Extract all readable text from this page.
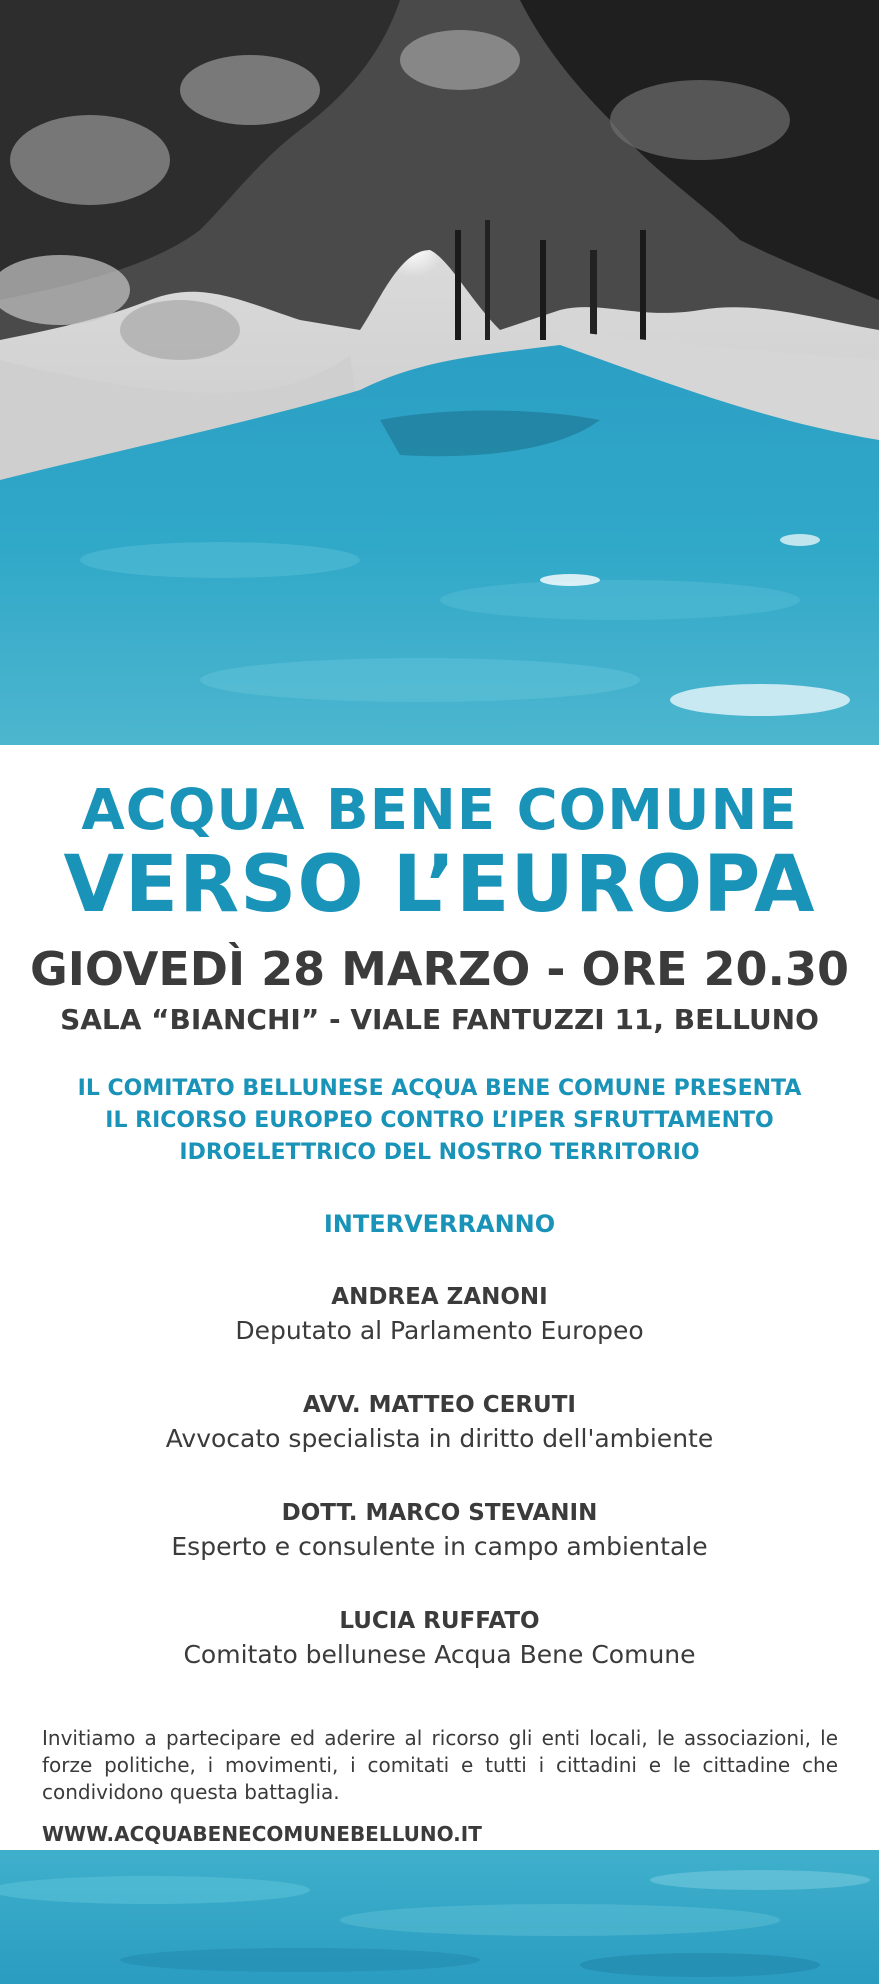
ACQUA BENE COMUNE

VERSO L’EUROPA

GIOVEDÌ 28 MARZO - ORE 20.30

SALA “BIANCHI” - VIALE FANTUZZI 11, BELLUNO

IL COMITATO BELLUNESE ACQUA BENE COMUNE PRESENTA

IL RICORSO EUROPEO CONTRO L’IPER SFRUTTAMENTO

IDROELETTRICO DEL NOSTRO TERRITORIO

INTERVERRANNO

ANDREA ZANONI

Deputato al Parlamento Europeo

AVV. MATTEO CERUTI

Avvocato specialista in diritto dell'ambiente

DOTT. MARCO STEVANIN

Esperto e consulente in campo ambientale

LUCIA RUFFATO

Comitato bellunese Acqua Bene Comune

Invitiamo a partecipare ed aderire al ricorso gli enti locali, le associazioni, le forze politiche, i movimenti, i comitati e tutti i cittadini e le cittadine che condividono questa battaglia.

WWW.ACQUABENECOMUNEBELLUNO.IT
